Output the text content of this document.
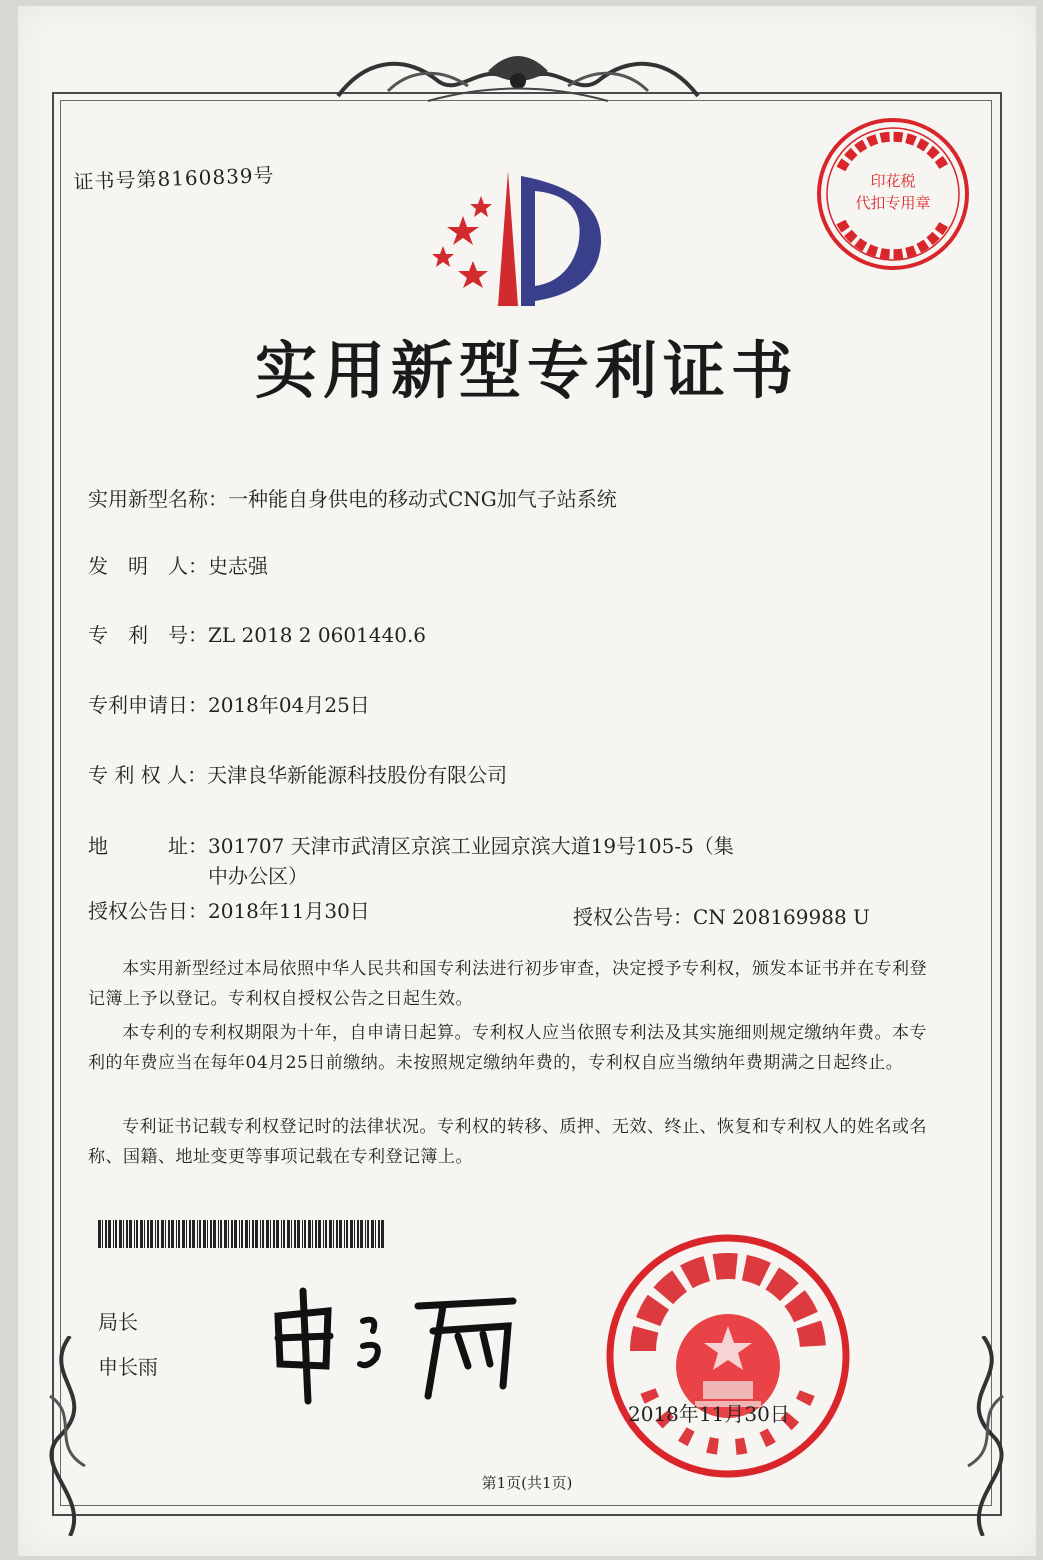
证书号第8160839号	印花税
代扣专用章
实用新型专利证书
实用新型名称：一种能自身供电的移动式CNG加气子站系统
发　明　人：史志强
专　利　号：ZL 2018 2 0601440.6
专利申请日：2018年04月25日
专 利 权 人：天津良华新能源科技股份有限公司
地　　　址：301707 天津市武清区京滨工业园京滨大道19号105-5（集
中办公区）
授权公告日：2018年11月30日	授权公告号：CN 208169988 U
本实用新型经过本局依照中华人民共和国专利法进行初步审查，决定授予专利权，颁发本证书并在专利登记簿上予以登记。专利权自授权公告之日起生效。
本专利的专利权期限为十年，自申请日起算。专利权人应当依照专利法及其实施细则规定缴纳年费。本专利的年费应当在每年04月25日前缴纳。未按照规定缴纳年费的，专利权自应当缴纳年费期满之日起终止。
专利证书记载专利权登记时的法律状况。专利权的转移、质押、无效、终止、恢复和专利权人的姓名或名称、国籍、地址变更等事项记载在专利登记簿上。
局长
申长雨
2018年11月30日
第1页(共1页)
